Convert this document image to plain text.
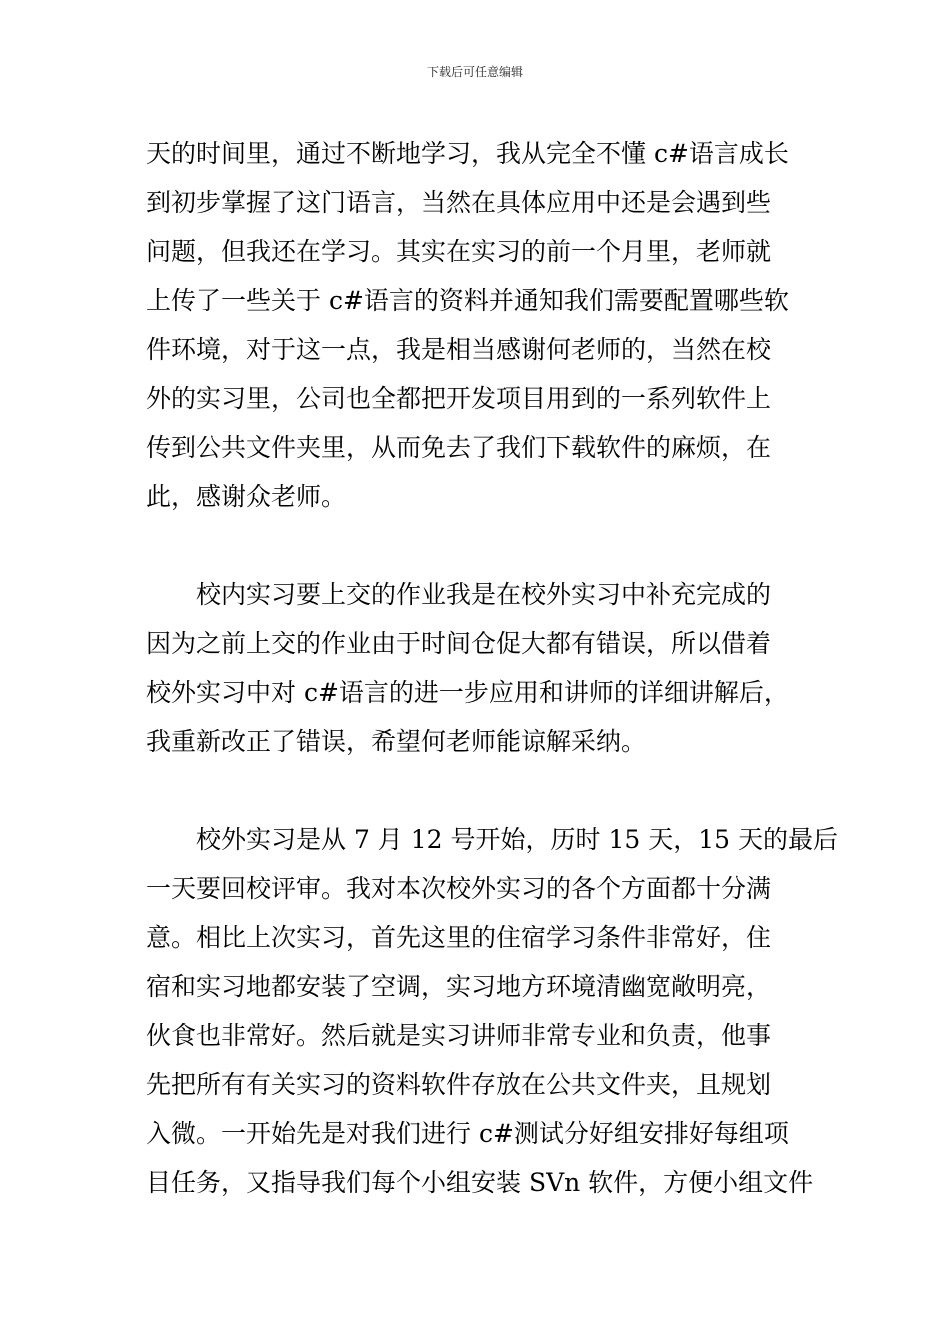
下载后可任意编辑
天的时间里，通过不断地学习，我从完全不懂 c#语言成长
到初步掌握了这门语言，当然在具体应用中还是会遇到些
问题，但我还在学习。其实在实习的前一个月里，老师就
上传了一些关于 c#语言的资料并通知我们需要配置哪些软
件环境，对于这一点，我是相当感谢何老师的，当然在校
外的实习里，公司也全都把开发项目用到的一系列软件上
传到公共文件夹里，从而免去了我们下载软件的麻烦，在
此，感谢众老师。
校内实习要上交的作业我是在校外实习中补充完成的
因为之前上交的作业由于时间仓促大都有错误，所以借着
校外实习中对 c#语言的进一步应用和讲师的详细讲解后，
我重新改正了错误，希望何老师能谅解采纳。
校外实习是从 7 月 12 号开始，历时 15 天，15 天的最后
一天要回校评审。我对本次校外实习的各个方面都十分满
意。相比上次实习，首先这里的住宿学习条件非常好，住
宿和实习地都安装了空调，实习地方环境清幽宽敞明亮，
伙食也非常好。然后就是实习讲师非常专业和负责，他事
先把所有有关实习的资料软件存放在公共文件夹，且规划
入微。一开始先是对我们进行 c#测试分好组安排好每组项
目任务，又指导我们每个小组安装 SVn 软件，方便小组文件
